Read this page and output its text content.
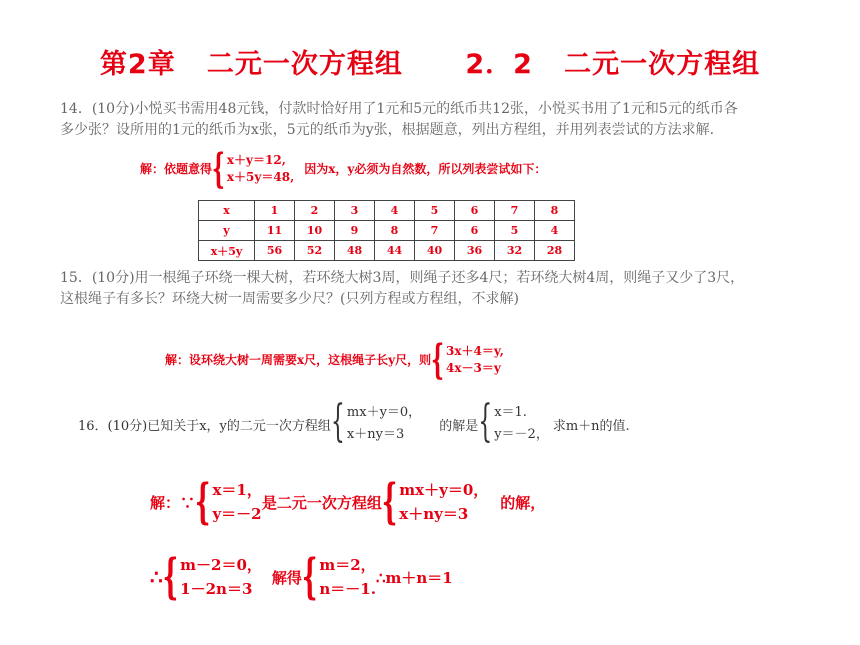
第2章 二元一次方程组 2．2 二元一次方程组
14．(10分)小悦买书需用48元钱，付款时恰好用了1元和5元的纸币共12张，小悦买书用了1元和5元的纸币各
多少张？设所用的1元的纸币为x张，5元的纸币为y张，根据题意，列出方程组，并用列表尝试的方法求解.
解：依题意得 { x＋y＝12,
x＋5y＝48,
因为x，y必须为自然数，所以列表尝试如下：
x	1	2	3	4	5	6	7	8
y	11	10	9	8	7	6	5	4
x＋5y	56	52	48	44	40	36	32	28
15．(10分)用一根绳子环绕一棵大树，若环绕大树3周，则绳子还多4尺；若环绕大树4周，则绳子又少了3尺，
这根绳子有多长？环绕大树一周需要多少尺？(只列方程或方程组，不求解)
解：设环绕大树一周需要x尺，这根绳子长y尺，则 { 3x＋4＝y,
4x－3＝y
16．(10分)已知关于x，y的二元一次方程组 { mx＋y＝0，
x＋ny＝3
的解是 { x＝1.
y＝－2，
求m＋n的值.
解：∵ { x＝1，
y＝－2
是二元一次方程组 { mx＋y＝0，
x＋ny＝3
的解，
∴ { m－2＝0，
1－2n＝3
解得 { m＝2，
n＝－1.
∴m＋n＝1
